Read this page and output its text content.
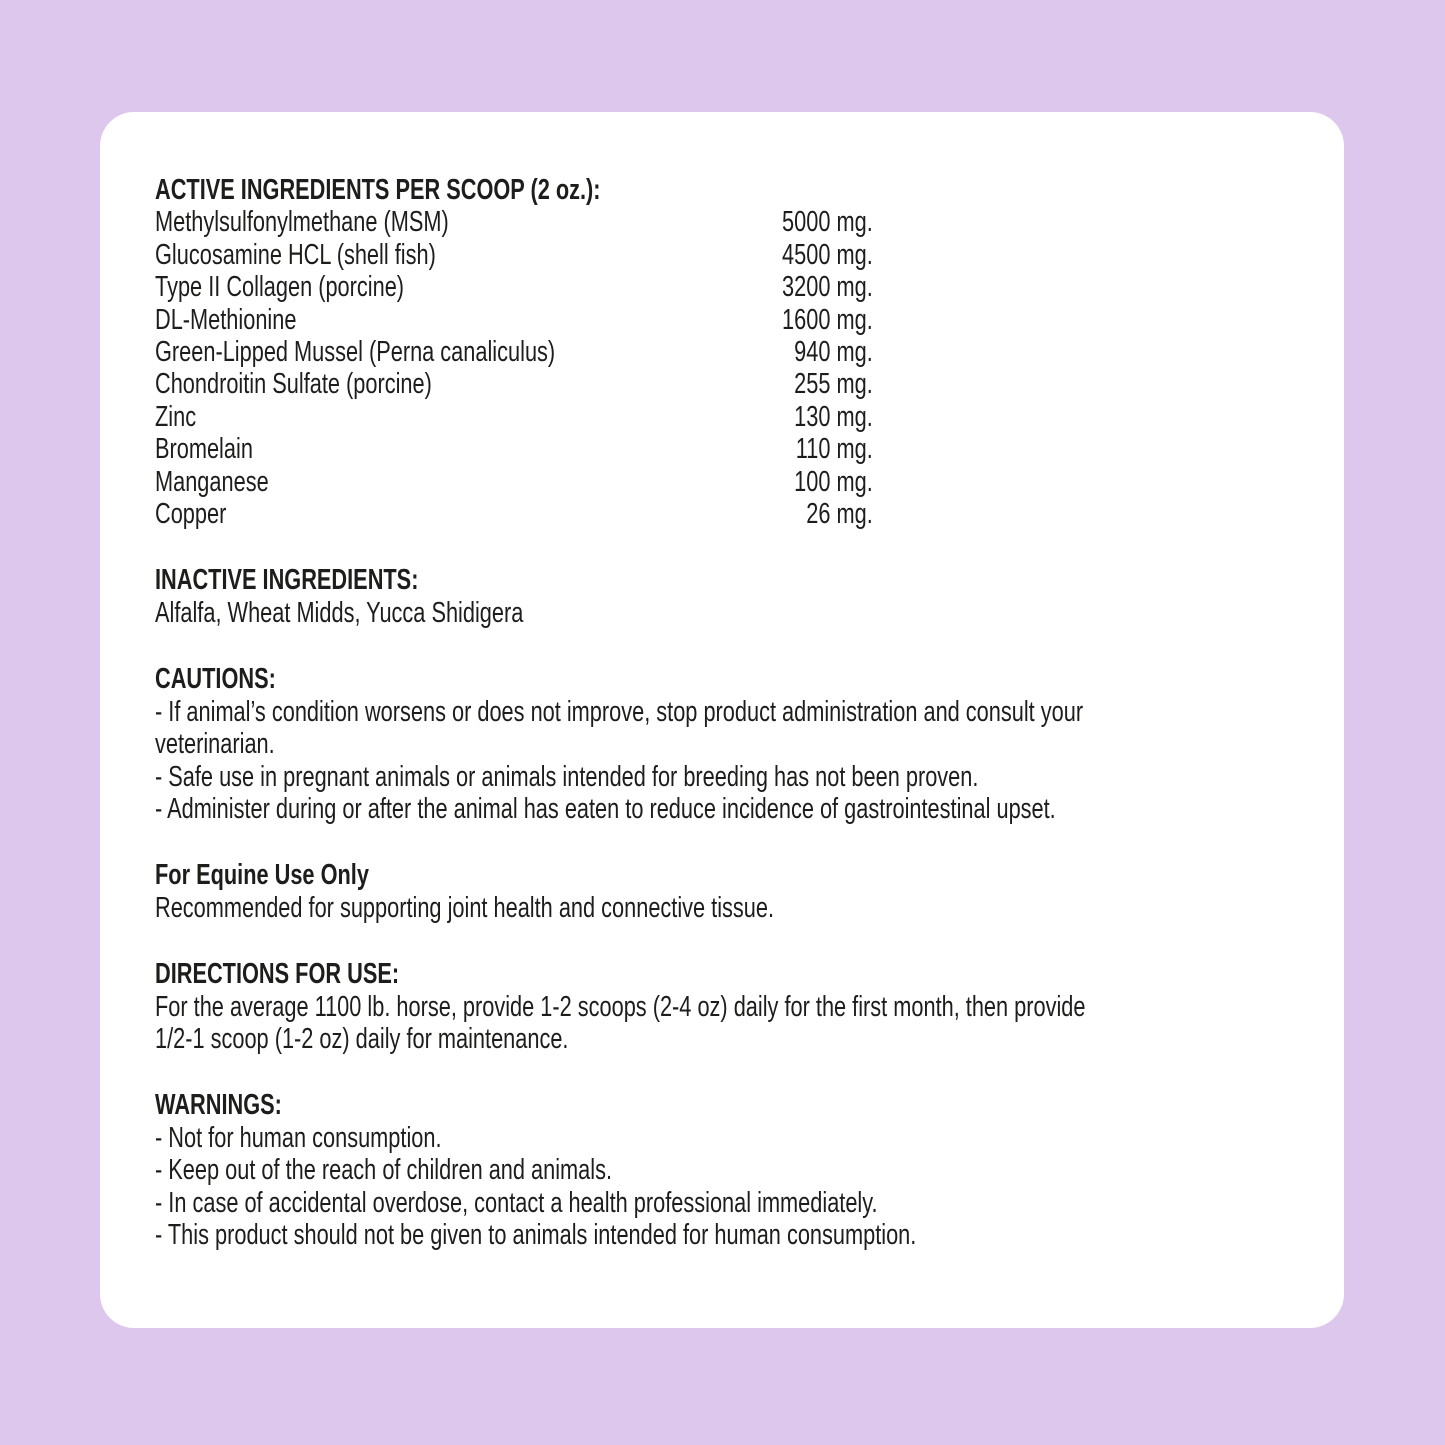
ACTIVE INGREDIENTS PER SCOOP (2 oz.):
Methylsulfonylmethane (MSM)	5000 mg.
Glucosamine HCL (shell fish)	4500 mg.
Type II Collagen (porcine)	3200 mg.
DL-Methionine	1600 mg.
Green-Lipped Mussel (Perna canaliculus)	940 mg.
Chondroitin Sulfate (porcine)	255 mg.
Zinc	130 mg.
Bromelain	110 mg.
Manganese	100 mg.
Copper	26 mg.
INACTIVE INGREDIENTS:
Alfalfa, Wheat Midds, Yucca Shidigera
CAUTIONS:
- If animal’s condition worsens or does not improve, stop product administration and consult your
veterinarian.
- Safe use in pregnant animals or animals intended for breeding has not been proven.
- Administer during or after the animal has eaten to reduce incidence of gastrointestinal upset.
For Equine Use Only
Recommended for supporting joint health and connective tissue.
DIRECTIONS FOR USE:
For the average 1100 lb. horse, provide 1-2 scoops (2-4 oz) daily for the first month, then provide
1/2-1 scoop (1-2 oz) daily for maintenance.
WARNINGS:
- Not for human consumption.
- Keep out of the reach of children and animals.
- In case of accidental overdose, contact a health professional immediately.
- This product should not be given to animals intended for human consumption.
